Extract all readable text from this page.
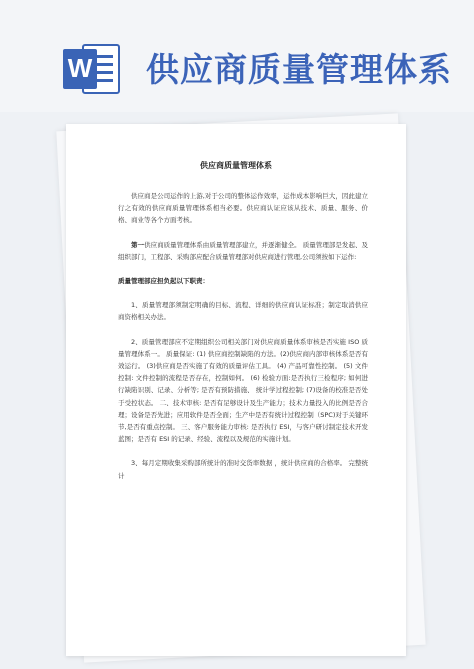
W 供应商质量管理体系
供应商质量管理体系

供应商是公司运作的上游,对于公司的整体运作效率，运作成本影响巨大，因此建立行之有效的供应商质量管理体系相当必要。供应商认证应该从技术、质量、服务、价格、商业等各个方面考核。

第一供应商质量管理体系由质量管理部建立，并逐渐健全。 质量管理部是发起、及组织部门，工程部、采购部应配合质量管理部对供应商进行管理,公司须按如下运作:

质量管理部应担负起以下职责：

1、质量管理部须制定明确的目标、流程、详细的供应商认证标准；制定取消供应商资格相关办法。

2、质量管理部应不定期组织公司相关部门对供应商质量体系审核是否实施 ISO 质量管理体系一。 质量保证: (1) 供应商控制缺陷的方法。(2)供应商内部审核体系是否有效运行。 (3)供应商是否实施了有效的质量评估工具。 (4) 产品可靠性控制。 (5) 文件控制: 文件控制的流程是否存在，控制如何。 (6) 检验方面:是否执行三检程序; 如何进行缺陷识别、记录、分析等; 是否有预防措施、 统计学过程控制; (7)设备的校准是否处于受控状态。 二、技术审核: 是否有足够设计及生产能力；技术力量投入的比例是否合理；设备是否先进；应用软件是否全面；生产中是否有统计过程控制（SPC)对于关键环节,是否有重点控制。 三、客户服务能力审核: 是否执行 ESI，与客户研讨制定技术开发蓝图；是否有 ESI 的记录、经验、流程以及规范的实施计划。

3、每月定期收集采购部所统计的准时交货率数据 ，统计供应商的合格率。 完整统计
